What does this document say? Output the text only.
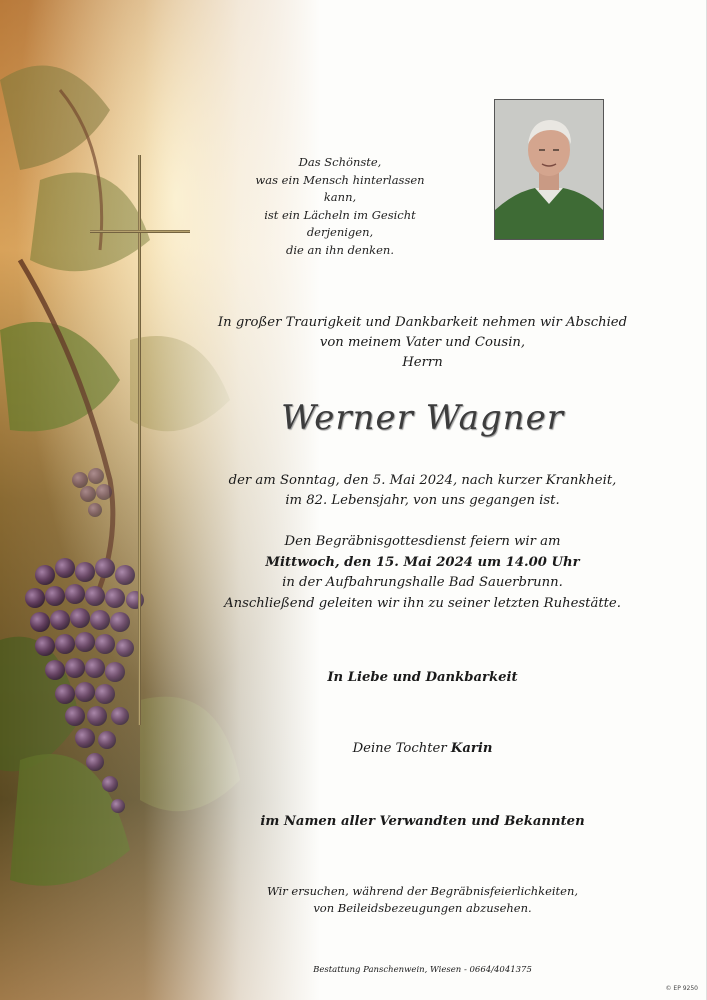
Das Schönste,
was ein Mensch hinterlassen kann,
ist ein Lächeln im Gesicht derjenigen,
die an ihn denken.
In großer Traurigkeit und Dankbarkeit nehmen wir Abschied
von meinem Vater und Cousin,
Herrn
Werner Wagner
der am Sonntag, den 5. Mai 2024, nach kurzer Krankheit,
im 82. Lebensjahr, von uns gegangen ist.
Den Begräbnisgottesdienst feiern wir am
Mittwoch, den 15. Mai 2024 um 14.00 Uhr
in der Aufbahrungshalle Bad Sauerbrunn.
Anschließend geleiten wir ihn zu seiner letzten Ruhestätte.
In Liebe und Dankbarkeit
Deine Tochter Karin
im Namen aller Verwandten und Bekannten
Wir ersuchen, während der Begräbnisfeierlichkeiten,
von Beileidsbezeugungen abzusehen.
Bestattung Panschenwein, Wiesen - 0664/4041375
© EP 9250
